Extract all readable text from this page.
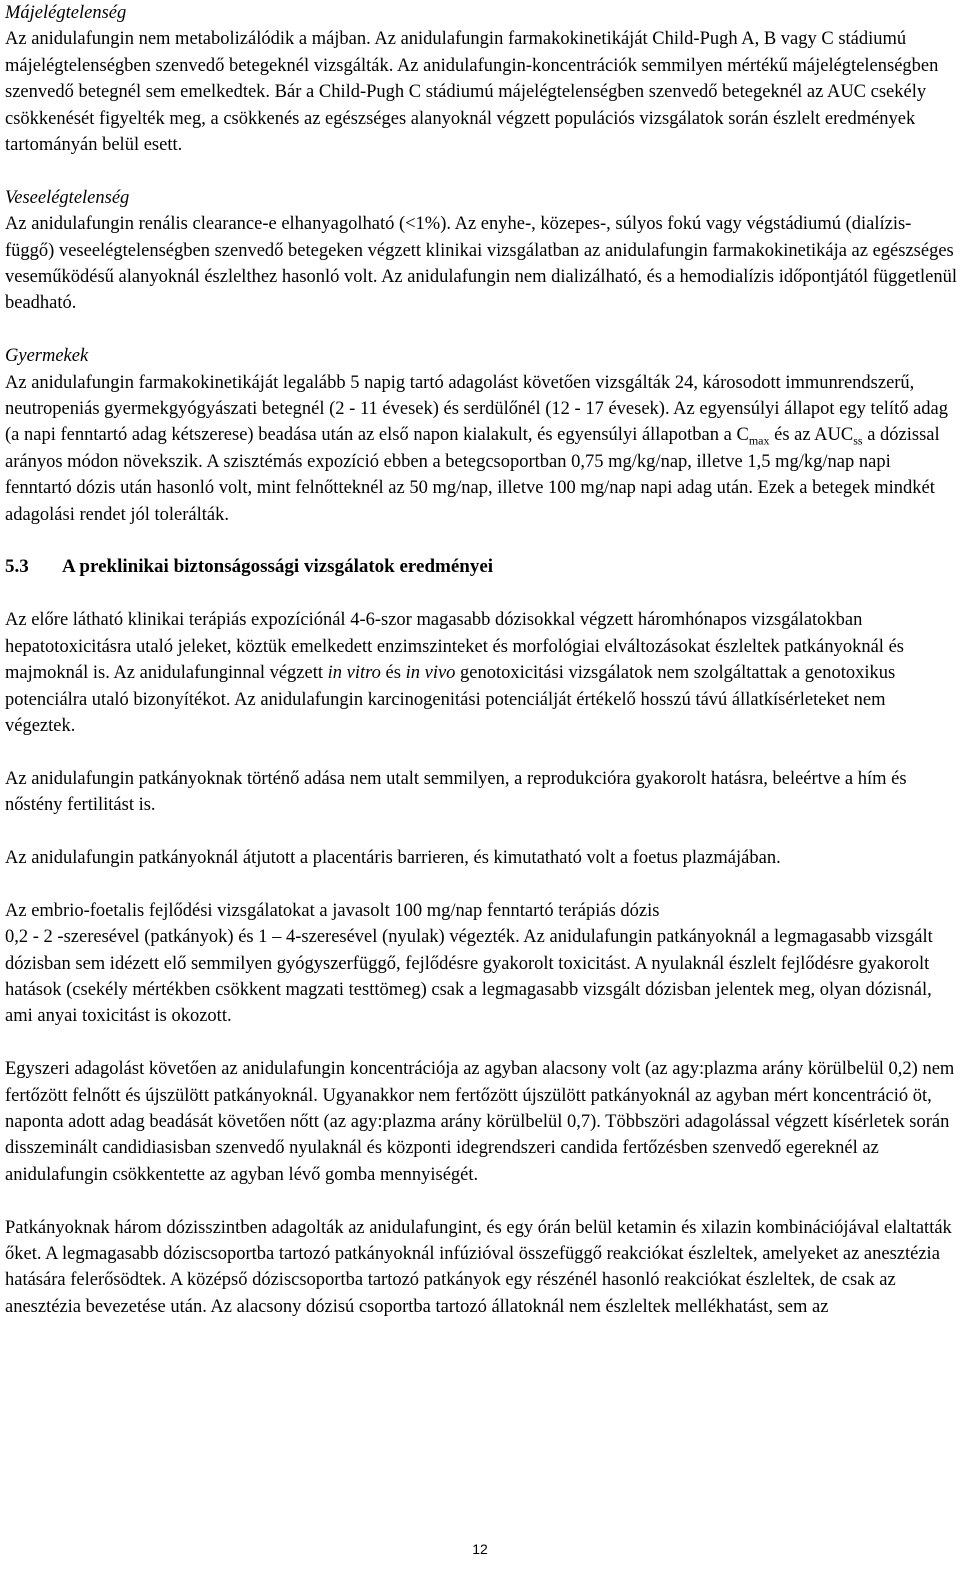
Májelégtelenség

Az anidulafungin nem metabolizálódik a májban. Az anidulafungin farmakokinetikáját Child-Pugh A, B vagy C stádiumú májelégtelenségben szenvedő betegeknél vizsgálták. Az anidulafungin-koncentrációk semmilyen mértékű májelégtelenségben szenvedő betegnél sem emelkedtek. Bár a Child-Pugh C stádiumú májelégtelenségben szenvedő betegeknél az AUC csekély csökkenését figyelték meg, a csökkenés az egészséges alanyoknál végzett populációs vizsgálatok során észlelt eredmények tartományán belül esett.

Veseelégtelenség

Az anidulafungin renális clearance-e elhanyagolható (<1%). Az enyhe-, közepes-, súlyos fokú vagy végstádiumú (dialízis-függő) veseelégtelenségben szenvedő betegeken végzett klinikai vizsgálatban az anidulafungin farmakokinetikája az egészséges veseműködésű alanyoknál észlelthez hasonló volt. Az anidulafungin nem dializálható, és a hemodialízis időpontjától függetlenül beadható.

Gyermekek

Az anidulafungin farmakokinetikáját legalább 5 napig tartó adagolást követően vizsgálták 24, károsodott immunrendszerű, neutropeniás gyermekgyógyászati betegnél (2 - 11 évesek) és serdülőnél (12 - 17 évesek). Az egyensúlyi állapot egy telítő adag (a napi fenntartó adag kétszerese) beadása után az első napon kialakult, és egyensúlyi állapotban a $C_{max}$ és az $AUC_{ss}$ a dózissal arányos módon növekszik. A szisztémás expozíció ebben a betegcsoportban 0,75 mg/kg/nap, illetve 1,5 mg/kg/nap napi fenntartó dózis után hasonló volt, mint felnőtteknél az 50 mg/nap, illetve 100 mg/nap napi adag után. Ezek a betegek mindkét adagolási rendet jól tolerálták.

5.3 A preklinikai biztonságossági vizsgálatok eredményei

Az előre látható klinikai terápiás expozíciónál 4-6-szor magasabb dózisokkal végzett háromhónapos vizsgálatokban hepatotoxicitásra utaló jeleket, köztük emelkedett enzimszinteket és morfológiai elváltozásokat észleltek patkányoknál és majmoknál is. Az anidulafunginnal végzett in vitro és in vivo genotoxicitási vizsgálatok nem szolgáltattak a genotoxikus potenciálra utaló bizonyítékot. Az anidulafungin karcinogenitási potenciálját értékelő hosszú távú állatkísérleteket nem végeztek.

Az anidulafungin patkányoknak történő adása nem utalt semmilyen, a reprodukcióra gyakorolt hatásra, beleértve a hím és nőstény fertilitást is.

Az anidulafungin patkányoknál átjutott a placentáris barrieren, és kimutatható volt a foetus plazmájában.

Az embrio-foetalis fejlődési vizsgálatokat a javasolt 100 mg/nap fenntartó terápiás dózis
0,2 - 2 -szeresével (patkányok) és 1 – 4-szeresével (nyulak) végezték. Az anidulafungin patkányoknál a legmagasabb vizsgált dózisban sem idézett elő semmilyen gyógyszerfüggő, fejlődésre gyakorolt toxicitást. A nyulaknál észlelt fejlődésre gyakorolt hatások (csekély mértékben csökkent magzati testtömeg) csak a legmagasabb vizsgált dózisban jelentek meg, olyan dózisnál, ami anyai toxicitást is okozott.

Egyszeri adagolást követően az anidulafungin koncentrációja az agyban alacsony volt (az agy:plazma arány körülbelül 0,2) nem fertőzött felnőtt és újszülött patkányoknál. Ugyanakkor nem fertőzött újszülött patkányoknál az agyban mért koncentráció öt, naponta adott adag beadását követően nőtt (az agy:plazma arány körülbelül 0,7). Többszöri adagolással végzett kísérletek során disszeminált candidiasisban szenvedő nyulaknál és központi idegrendszeri candida fertőzésben szenvedő egereknél az anidulafungin csökkentette az agyban lévő gomba mennyiségét.

Patkányoknak három dózisszintben adagolták az anidulafungint, és egy órán belül ketamin és xilazin kombinációjával elaltatták őket. A legmagasabb dóziscsoportba tartozó patkányoknál infúzióval összefüggő reakciókat észleltek, amelyeket az anesztézia hatására felerősödtek. A középső dóziscsoportba tartozó patkányok egy részénél hasonló reakciókat észleltek, de csak az anesztézia bevezetése után. Az alacsony dózisú csoportba tartozó állatoknál nem észleltek mellékhatást, sem az

12
